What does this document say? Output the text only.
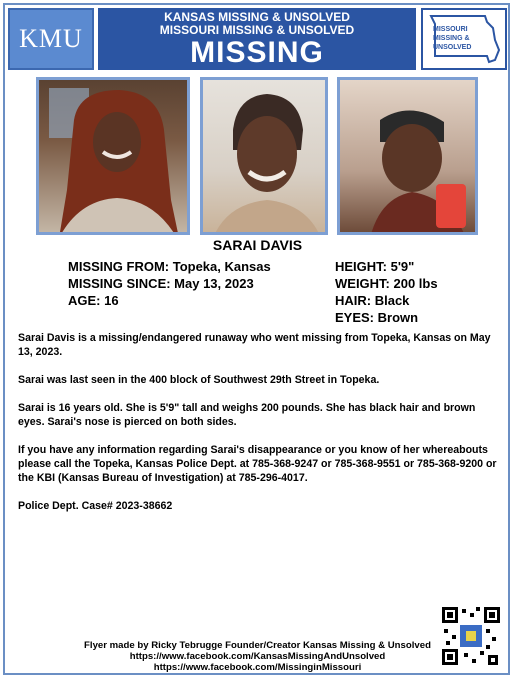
KMU
KANSAS MISSING & UNSOLVED
MISSOURI MISSING & UNSOLVED
MISSING
MISSOURI
MISSING &
UNSOLVED
SARAI DAVIS
MISSING FROM: Topeka, Kansas
MISSING SINCE: May 13, 2023
AGE: 16
HEIGHT: 5'9"
WEIGHT: 200 lbs
HAIR: Black
EYES: Brown

Sarai Davis is a missing/endangered runaway who went missing from Topeka, Kansas on May 13, 2023.

Sarai was last seen in the 400 block of Southwest 29th Street in Topeka.

Sarai is 16 years old. She is 5'9" tall and weighs 200 pounds. She has black hair and brown eyes. Sarai's nose is pierced on both sides.

If you have any information regarding Sarai's disappearance or you know of her whereabouts please call the Topeka, Kansas Police Dept. at 785-368-9247 or 785-368-9551 or 785-368-9200 or the KBI (Kansas Bureau of Investigation) at 785-296-4017.

Police Dept. Case# 2023-38662

Flyer made by Ricky Tebrugge Founder/Creator Kansas Missing & Unsolved
https://www.facebook.com/KansasMissingAndUnsolved
https://www.facebook.com/MissinginMissouri
